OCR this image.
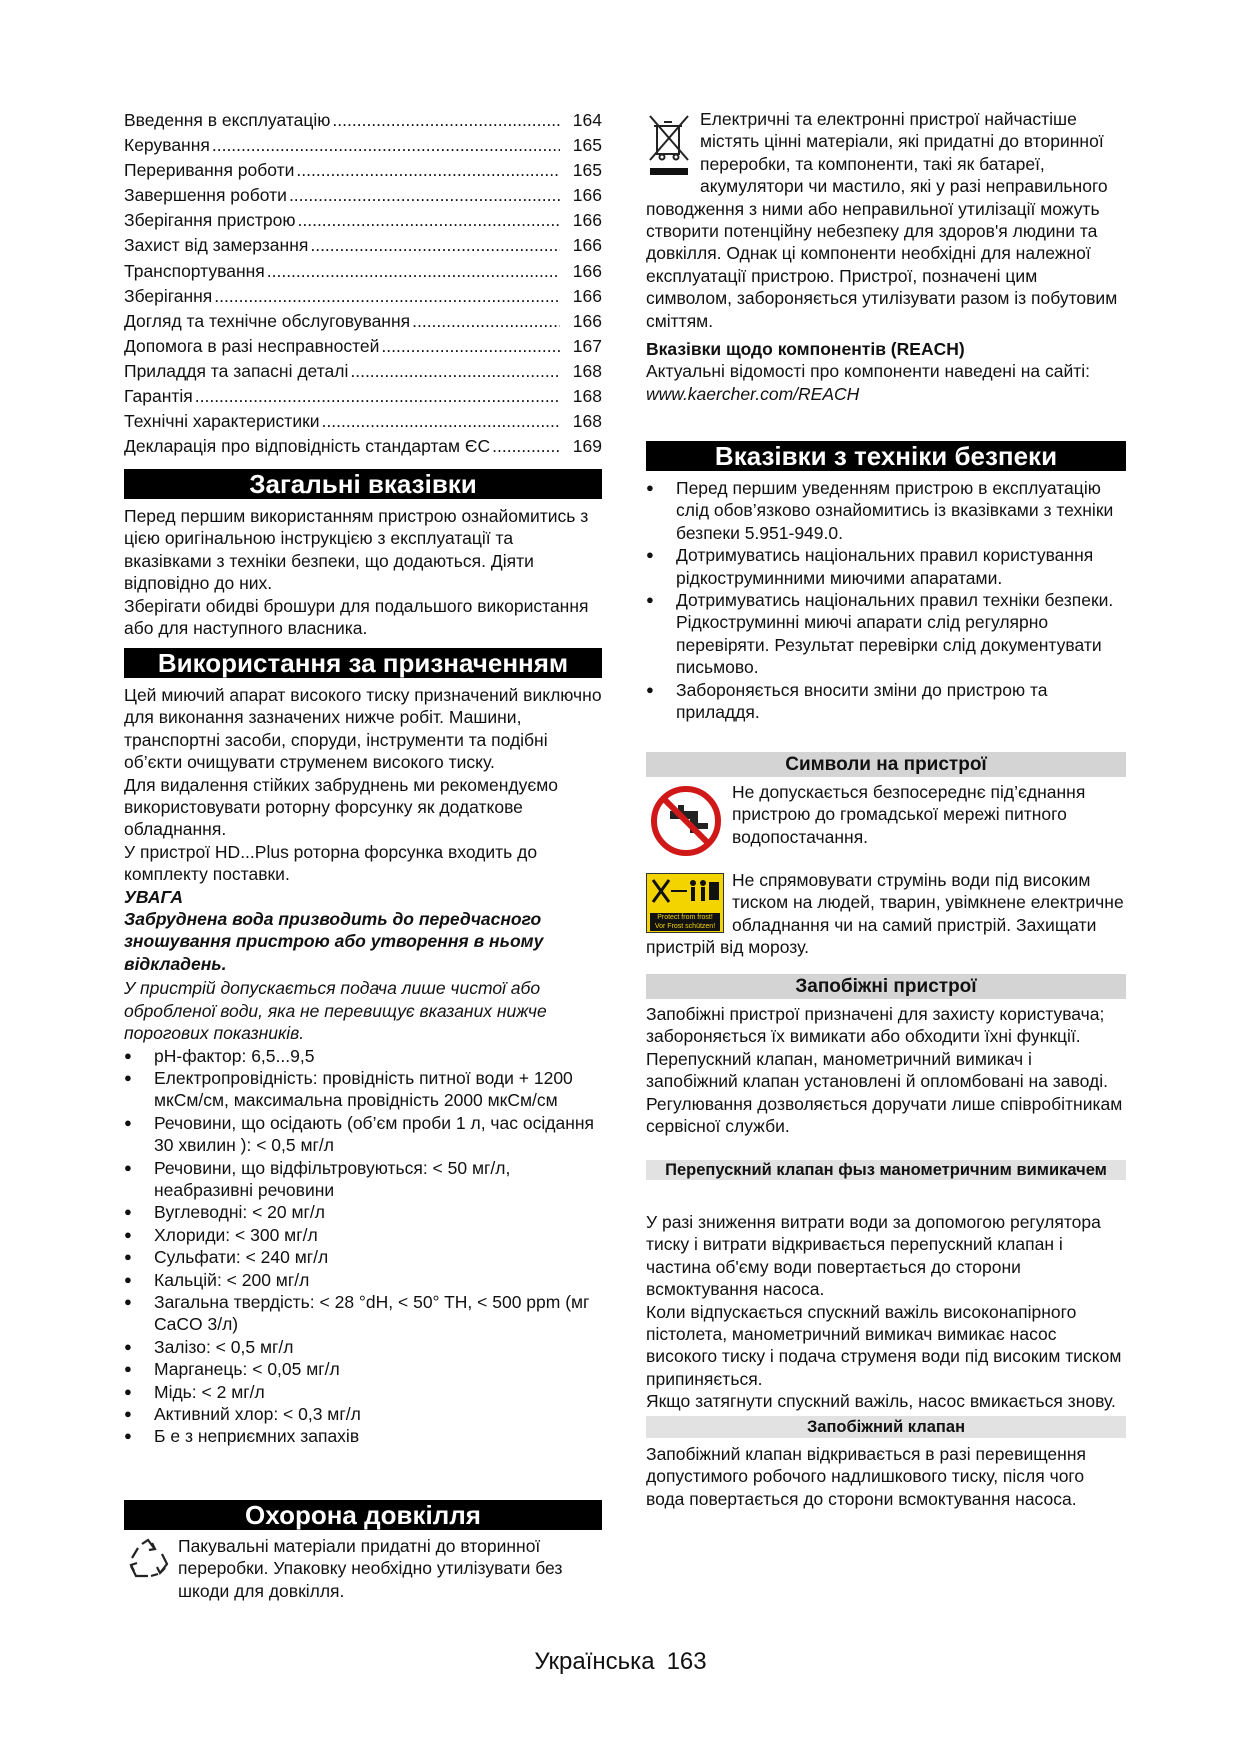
Введення в експлуатацію .....	164
Керування .....	165
Переривання роботи .....	165
Завершення роботи .....	166
Зберігання пристрою .....	166
Захист від замерзання .....	166
Транспортування .....	166
Зберігання .....	166
Догляд та технічне обслуговування .....	166
Допомога в разі несправностей .....	167
Приладдя та запасні деталі .....	168
Гарантія .....	168
Технічні характеристики .....	168
Декларація про відповідність стандартам ЄС .....	169
Загальні вказівки

Перед першим використанням пристрою ознайомитись з цією оригінальною інструкцією з експлуатації та вказівками з техніки безпеки, що додаються. Діяти відповідно до них.

Зберігати обидві брошури для подальшого використання або для наступного власника.

Використання за призначенням

Цей миючий апарат високого тиску призначений виключно для виконання зазначених нижче робіт. Машини, транспортні засоби, споруди, інструменти та подібні об’єкти очищувати струменем високого тиску.

Для видалення стійких забруднень ми рекомендуємо використовувати роторну форсунку як додаткове обладнання.

У пристрої HD...Plus роторна форсунка входить до комплекту поставки.

УВАГА

Забруднена вода призводить до передчасного зношування пристрою або утворення в ньому відкладень.

У пристрій допускається подача лише чистої або обробленої води, яка не перевищує вказаних нижче порогових показників.

● pH-фактор: 6,5...9,5
● Електропровідність: провідність питної води + 1200 мкСм/см, максимальна провідність 2000 мкСм/см
● Речовини, що осідають (об’єм проби 1 л, час осідання 30 хвилин ): < 0,5 мг/л
● Речовини, що відфільтровуються: < 50 мг/л, неабразивні речовини
● Вуглеводні: < 20 мг/л
● Хлориди: < 300 мг/л
● Сульфати: < 240 мг/л
● Кальцій: < 200 мг/л
● Загальна твердість: < 28 °dH, < 50° TH, < 500 ppm (мг CaCO 3/л)
● Залізо: < 0,5 мг/л
● Марганець: < 0,05 мг/л
● Мідь: < 2 мг/л
● Активний хлор: < 0,3 мг/л
● Б е з неприємних запахів
Охорона довкілля

Пакувальні матеріали придатні до вторинної переробки. Упаковку необхідно утилізувати без шкоди для довкілля.

Електричні та електронні пристрої найчастіше містять цінні матеріали, які придатні до вторинної переробки, та компоненти, такі як батареї, акумулятори чи мастило, які у разі неправильного поводження з ними або неправильної утилізації можуть створити потенційну небезпеку для здоров'я людини та довкілля. Однак ці компоненти необхідні для належної експлуатації пристрою. Пристрої, позначені цим символом, забороняється утилізувати разом із побутовим сміттям.

Вказівки щодо компонентів (REACH)

Актуальні відомості про компоненти наведені на сайті: www.kaercher.com/REACH

Вказівки з техніки безпеки
● Перед першим уведенням пристрою в експлуатацію слід обов’язково ознайомитись із вказівками з техніки безпеки 5.951-949.0.
● Дотримуватись національних правил користування рідкоструминними миючими апаратами.
● Дотримуватись національних правил техніки безпеки. Рідкоструминні миючі апарати слід регулярно перевіряти. Результат перевірки слід документувати письмово.
● Забороняється вносити зміни до пристрою та приладдя.
Символи на пристрої

Не допускається безпосереднє під’єднання пристрою до громадської мережі питного водопостачання.

Protect from frost!
Vor Frost schützen!

Не спрямовувати струмінь води під високим тиском на людей, тварин, увімкнене електричне обладнання чи на самий пристрій. Захищати пристрій від морозу.

Запобіжні пристрої

Запобіжні пристрої призначені для захисту користувача; забороняється їх вимикати або обходити їхні функції.

Перепускний клапан, манометричний вимикач і запобіжний клапан установлені й опломбовані на заводі. Регулювання дозволяється доручати лише співробітникам сервісної служби.

Перепускний клапан фыз манометричним вимикачем

У разі зниження витрати води за допомогою регулятора тиску і витрати відкривається перепускний клапан і частина об'єму води повертається до сторони всмоктування насоса.

Коли відпускається спускний важіль високонапірного пістолета, манометричний вимикач вимикає насос високого тиску і подача струменя води під високим тиском припиняється.

Якщо затягнути спускний важіль, насос вмикається знову.

Запобіжний клапан

Запобіжний клапан відкривається в разі перевищення допустимого робочого надлишкового тиску, після чого вода повертається до сторони всмоктування насоса.

Українська 163
